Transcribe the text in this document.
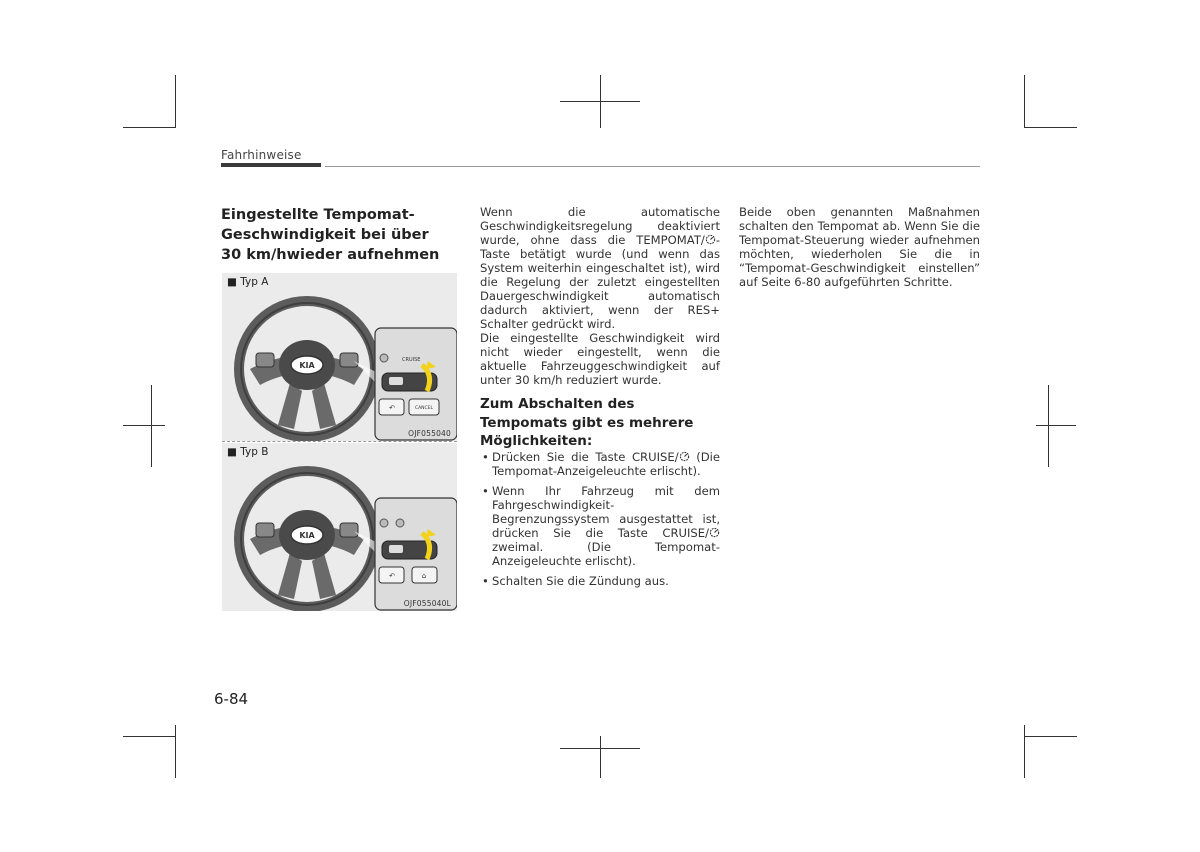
Fahrhinweise
Eingestellte Tempomat-Geschwindigkeit bei über 30 km/hwieder aufnehmen
■ Typ A
KIA
CRUISE
↶	CANCEL
OJF055040
■ Typ B
KIA
↶	⌂
OJF055040L

Wenn die automatische Geschwindigkeitsregelung deaktiviert wurde, ohne dass die TEMPOMAT/ -Taste betätigt wurde (und wenn das System weiterhin eingeschaltet ist), wird die Regelung der zuletzt eingestellten Dauergeschwindigkeit automatisch dadurch aktiviert, wenn der RES+ Schalter gedrückt wird.

Die eingestellte Geschwindigkeit wird nicht wieder eingestellt, wenn die aktuelle Fahrzeuggeschwindigkeit auf unter 30 km/h reduziert wurde.

Zum Abschalten des Tempomats gibt es mehrere Möglichkeiten:
• Drücken Sie die Taste CRUISE/ (Die Tempomat-Anzeigeleuchte erlischt).
• Wenn Ihr Fahrzeug mit dem Fahrgeschwindigkeit-Begrenzungssystem ausgestattet ist, drücken Sie die Taste CRUISE/ zweimal. (Die Tempomat-Anzeigeleuchte erlischt).
• Schalten Sie die Zündung aus.

Beide oben genannten Maßnahmen schalten den Tempomat ab. Wenn Sie die Tempomat-Steuerung wieder aufnehmen möchten, wiederholen Sie die in “Tempomat-Geschwindigkeit einstellen” auf Seite 6-80 aufgeführten Schritte.

6-84
